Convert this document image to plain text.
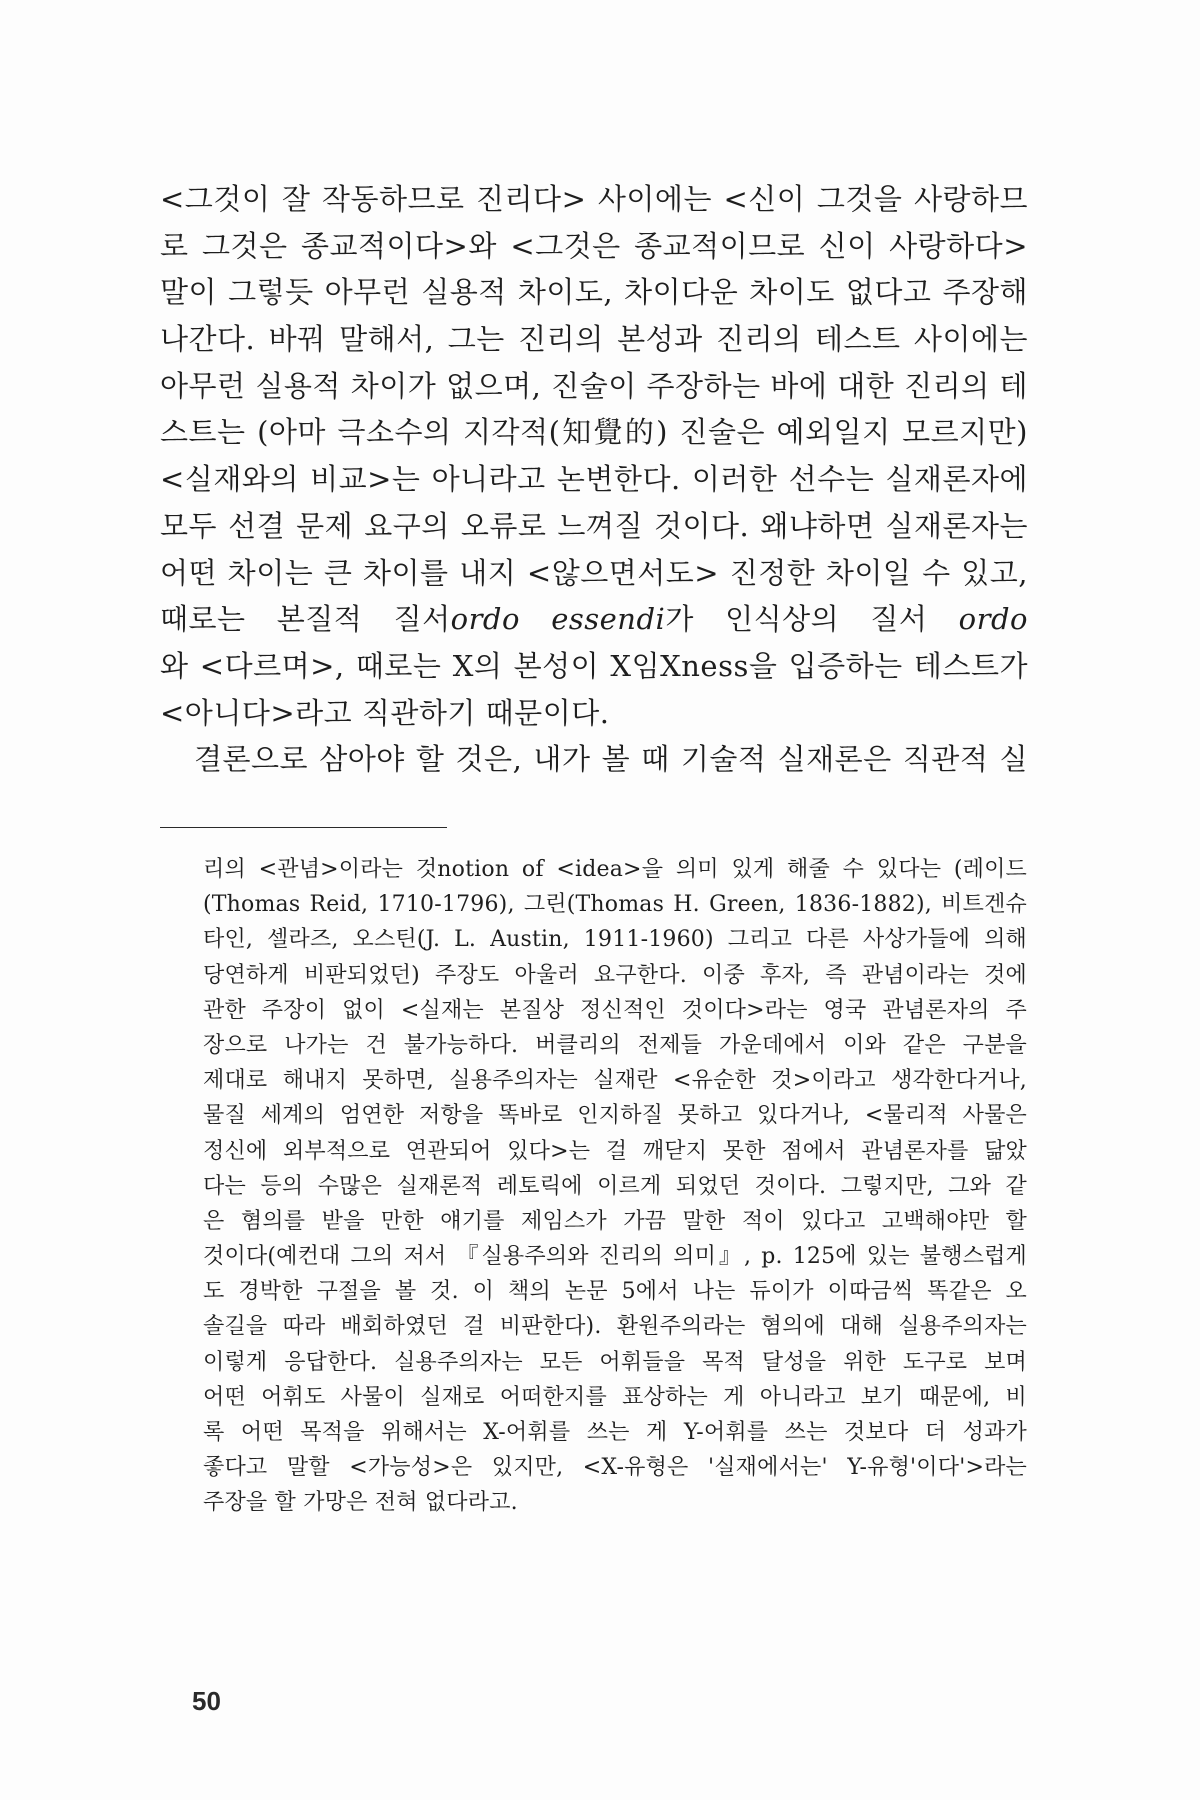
<그것이 잘 작동하므로 진리다> 사이에는 <신이 그것을 사랑하므
로 그것은 종교적이다>와 <그것은 종교적이므로 신이 사랑하다>
말이 그렇듯 아무런 실용적 차이도, 차이다운 차이도 없다고 주장해
나간다. 바꿔 말해서, 그는 진리의 본성과 진리의 테스트 사이에는
아무런 실용적 차이가 없으며, 진술이 주장하는 바에 대한 진리의 테
스트는 (아마 극소수의 지각적(知覺的) 진술은 예외일지 모르지만)
<실재와의 비교>는 아니라고 논변한다. 이러한 선수는 실재론자에
모두 선결 문제 요구의 오류로 느껴질 것이다. 왜냐하면 실재론자는
어떤 차이는 큰 차이를 내지 <않으면서도> 진정한 차이일 수 있고,
때로는 본질적 질서ordo essendi가 인식상의 질서 ordo
와 <다르며>, 때로는 X의 본성이 X임Xness을 입증하는 테스트가
<아니다>라고 직관하기 때문이다.
결론으로 삼아야 할 것은, 내가 볼 때 기술적 실재론은 직관적 실
리의 <관념>이라는 것notion of <idea>을 의미 있게 해줄 수 있다는 (레이드
(Thomas Reid, 1710-1796), 그린(Thomas H. Green, 1836-1882), 비트겐슈
타인, 셀라즈, 오스틴(J. L. Austin, 1911-1960) 그리고 다른 사상가들에 의해
당연하게 비판되었던) 주장도 아울러 요구한다. 이중 후자, 즉 관념이라는 것에
관한 주장이 없이 <실재는 본질상 정신적인 것이다>라는 영국 관념론자의 주
장으로 나가는 건 불가능하다. 버클리의 전제들 가운데에서 이와 같은 구분을
제대로 해내지 못하면, 실용주의자는 실재란 <유순한 것>이라고 생각한다거나,
물질 세계의 엄연한 저항을 똑바로 인지하질 못하고 있다거나, <물리적 사물은
정신에 외부적으로 연관되어 있다>는 걸 깨닫지 못한 점에서 관념론자를 닮았
다는 등의 수많은 실재론적 레토릭에 이르게 되었던 것이다. 그렇지만, 그와 같
은 혐의를 받을 만한 얘기를 제임스가 가끔 말한 적이 있다고 고백해야만 할
것이다(예컨대 그의 저서 『실용주의와 진리의 의미』, p. 125에 있는 불행스럽게
도 경박한 구절을 볼 것. 이 책의 논문 5에서 나는 듀이가 이따금씩 똑같은 오
솔길을 따라 배회하였던 걸 비판한다). 환원주의라는 혐의에 대해 실용주의자는
이렇게 응답한다. 실용주의자는 모든 어휘들을 목적 달성을 위한 도구로 보며
어떤 어휘도 사물이 실재로 어떠한지를 표상하는 게 아니라고 보기 때문에, 비
록 어떤 목적을 위해서는 X-어휘를 쓰는 게 Y-어휘를 쓰는 것보다 더 성과가
좋다고 말할 <가능성>은 있지만, <X-유형은 '실재에서는' Y-유형'이다'>라는
주장을 할 가망은 전혀 없다라고.
50
